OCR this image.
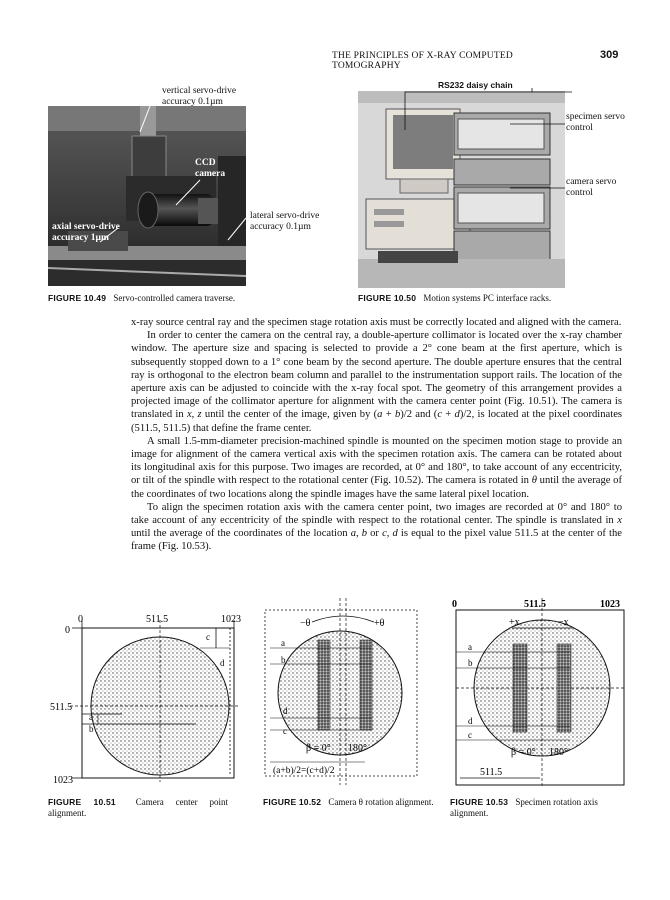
THE PRINCIPLES OF X-RAY COMPUTED TOMOGRAPHY
309
vertical servo-drive accuracy 0.1µm
CCD camera
lateral servo-drive accuracy 0.1µm
axial servo-drive accuracy 1µm
FIGURE 10.49 Servo-controlled camera traverse.
RS232 daisy chain
specimen servo control
camera servo control
FIGURE 10.50 Motion systems PC interface racks.

x-ray source central ray and the specimen stage rotation axis must be correctly located and aligned with the camera.

In order to center the camera on the central ray, a double-aperture collimator is located over the x-ray chamber window. The aperture size and spacing is selected to provide a 2° cone beam at the first aperture, which is subsequently stopped down to a 1° cone beam by the second aperture. The double aperture ensures that the central ray is orthogonal to the electron beam column and parallel to the instrumentation support rails. The location of the aperture axis can be adjusted to coincide with the x-ray focal spot. The geometry of this arrangement provides a projected image of the collimator aperture for alignment with the camera center point (Fig. 10.51). The camera is translated in x, z until the center of the image, given by (a + b)/2 and (c + d)/2, is located at the pixel coordinates (511.5, 511.5) that define the frame center.

A small 1.5-mm-diameter precision-machined spindle is mounted on the specimen motion stage to provide an image for alignment of the camera vertical axis with the specimen rotation axis. The camera can be rotated about its longitudinal axis for this purpose. Two images are recorded, at 0° and 180°, to take account of any eccentricity, or tilt of the spindle with respect to the rotational center (Fig. 10.52). The camera is rotated in θ until the average of the coordinates of two locations along the spindle images have the same lateral pixel location.

To align the specimen rotation axis with the camera center point, two images are recorded at 0° and 180° to take account of any eccentricity of the spindle with respect to the rotational center. The spindle is translated in x until the average of the coordinates of the location a, b or c, d is equal to the pixel value 511.5 at the center of the frame (Fig. 10.53).

0	511.5	1023
0
511.5
1023
a
b
c
d
−θ	+θ
a
b
d
c
β = 0° 180°
(a+b)/2=(c+d)/2
0	511.5	1023
+x	−x
a
b
d
c
β = 0° 180°
511.5
FIGURE 10.51 Camera center point alignment.
FIGURE 10.52 Camera θ rotation alignment.	FIGURE 10.53 Specimen rotation axis alignment.
